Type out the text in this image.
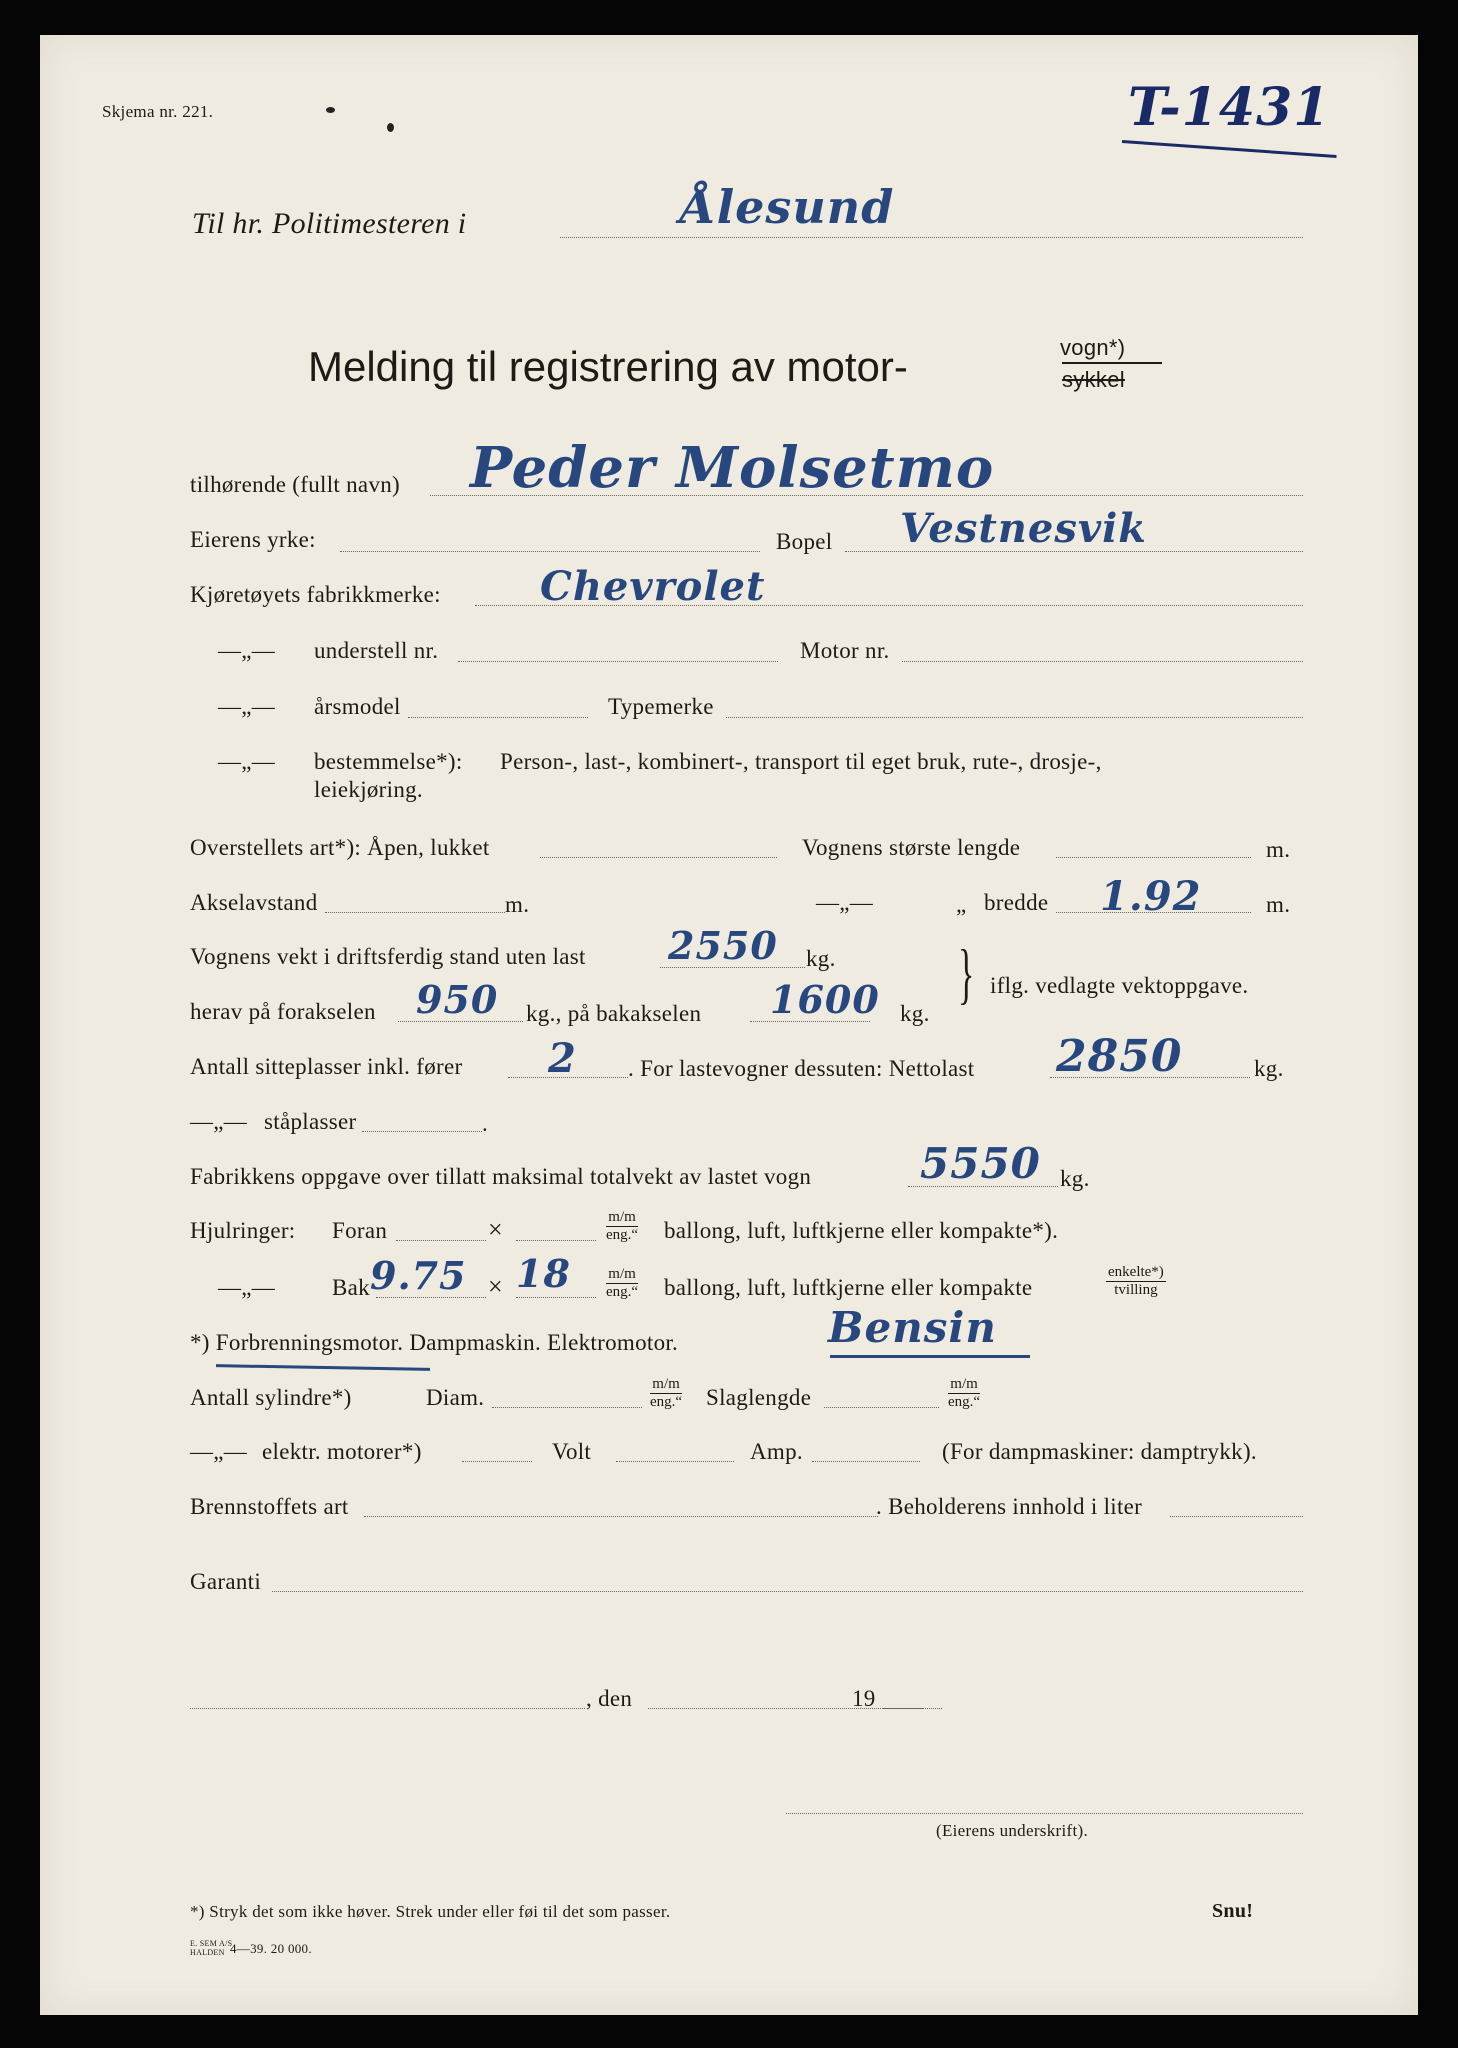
Skjema nr. 221.	T-1431
Til hr. Politimesteren i	Ålesund
Melding til registrering av motor-	vogn*)
sykkel
tilhørende (fullt navn) Peder Molsetmo
Eierens yrke:	Bopel Vestnesvik
Kjøretøyets fabrikkmerke: Chevrolet
—„— understell nr.	Motor nr.
—„— årsmodel	Typemerke
—„— bestemmelse*): Person-, last-, kombinert-, transport til eget bruk, rute-, drosje-,
leiekjøring.
Overstellets art*): Åpen, lukket	Vognens største lengde	m.
Akselavstand	m.	—„—	„ bredde 1.92	m.
Vognens vekt i driftsferdig stand uten last 2550 kg.
herav på forakselen 950 kg., på bakakselen 1600 kg.
} iflg. vedlagte vektoppgave.
Antall sitteplasser inkl. fører 2 . For lastevogner dessuten: Nettolast 2850	kg.
—„— ståplasser	.
Fabrikkens oppgave over tillatt maksimal totalvekt av lastet vogn	5550 kg.
Hjulringer: Foran	×	m/m
eng.“ ballong, luft, luftkjerne eller kompakte*).
—„— Bak 9.75 × 18 m/m
eng.“ ballong, luft, luftkjerne eller kompakte
enkelte*)
tvilling
*) Forbrenningsmotor. Dampmaskin. Elektromotor.	Bensin
Antall sylindre*)	Diam.
m/m
eng.“ Slaglengde
m/m
eng.“
—„— elektr. motorer*)	Volt	Amp.	(For dampmaskiner: damptrykk).
Brennstoffets art	. Beholderens innhold i liter
Garanti
, den	19
(Eierens underskrift).
*) Stryk det som ikke høver. Strek under eller føi til det som passer.	Snu!
E. SEM A/S
HALDEN 4—39. 20 000.
